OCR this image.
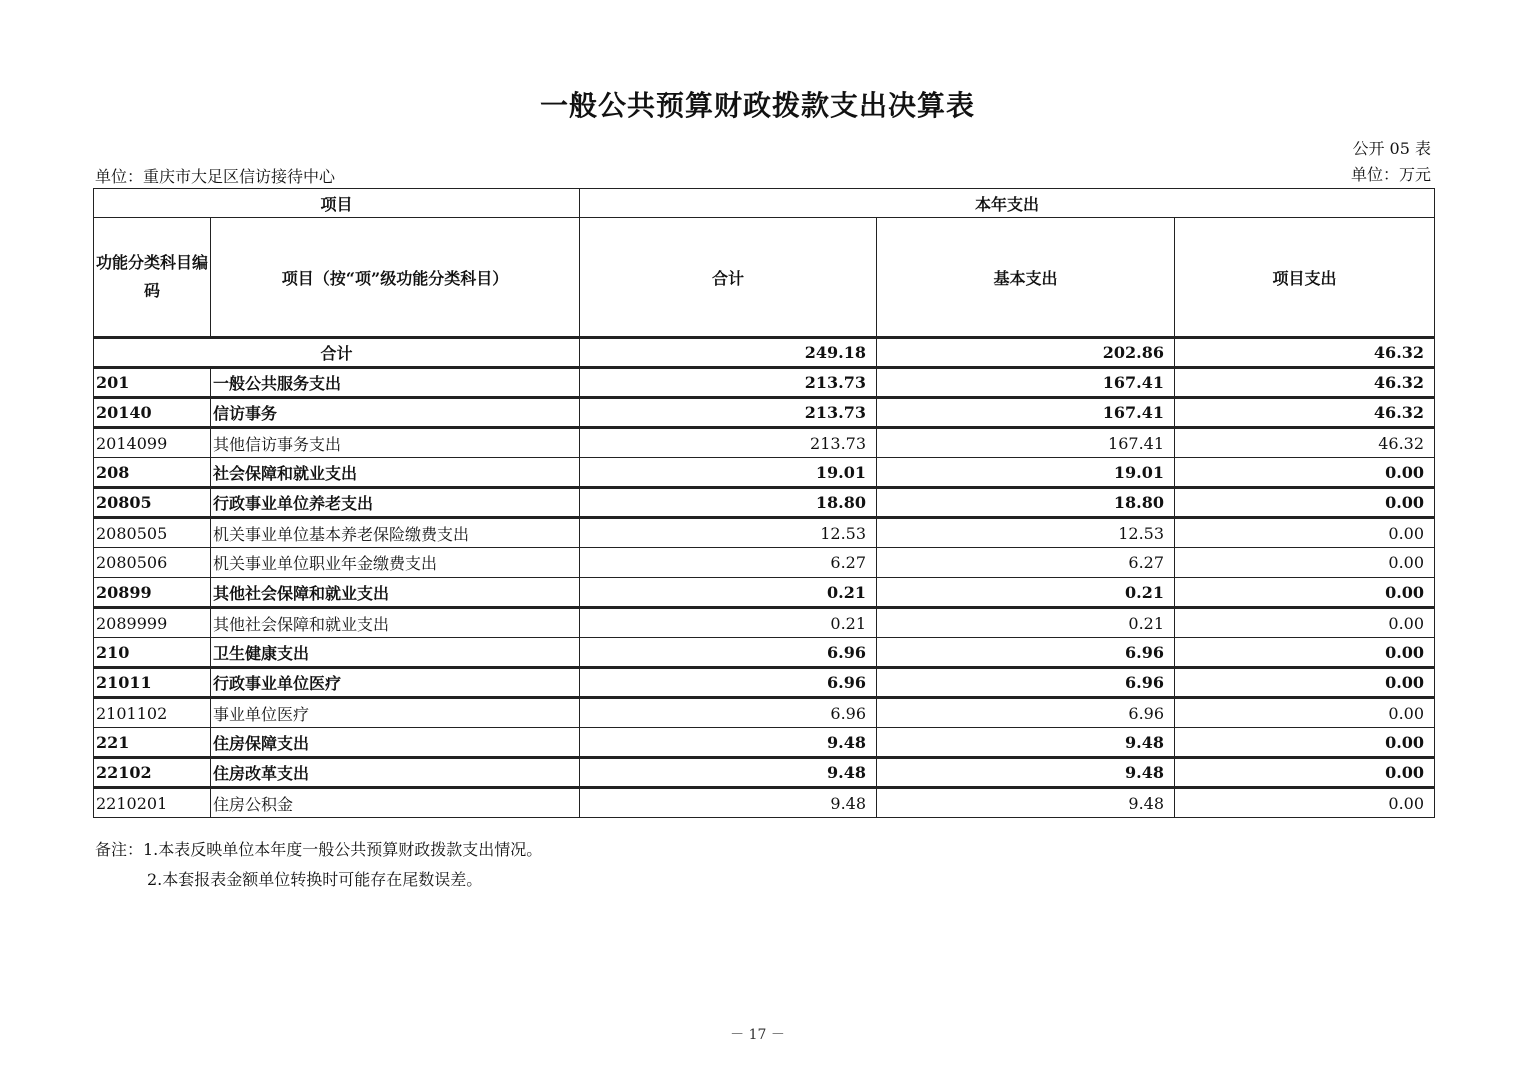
一般公共预算财政拨款支出决算表
公开 05 表
单位：重庆市大足区信访接待中心	单位：万元
项目		本年支出		
功能分类科目编码	项目（按“项”级功能分类科目）	合计	基本支出	项目支出
合计		249.18	202.86	46.32
201	一般公共服务支出	213.73	167.41	46.32
20140	信访事务	213.73	167.41	46.32
2014099	其他信访事务支出	213.73	167.41	46.32
208	社会保障和就业支出	19.01	19.01	0.00
20805	行政事业单位养老支出	18.80	18.80	0.00
2080505	机关事业单位基本养老保险缴费支出	12.53	12.53	0.00
2080506	机关事业单位职业年金缴费支出	6.27	6.27	0.00
20899	其他社会保障和就业支出	0.21	0.21	0.00
2089999	其他社会保障和就业支出	0.21	0.21	0.00
210	卫生健康支出	6.96	6.96	0.00
21011	行政事业单位医疗	6.96	6.96	0.00
2101102	事业单位医疗	6.96	6.96	0.00
221	住房保障支出	9.48	9.48	0.00
22102	住房改革支出	9.48	9.48	0.00
2210201	住房公积金	9.48	9.48	0.00
备注：1.本表反映单位本年度一般公共预算财政拨款支出情况。
2.本套报表金额单位转换时可能存在尾数误差。
－ 17 －
